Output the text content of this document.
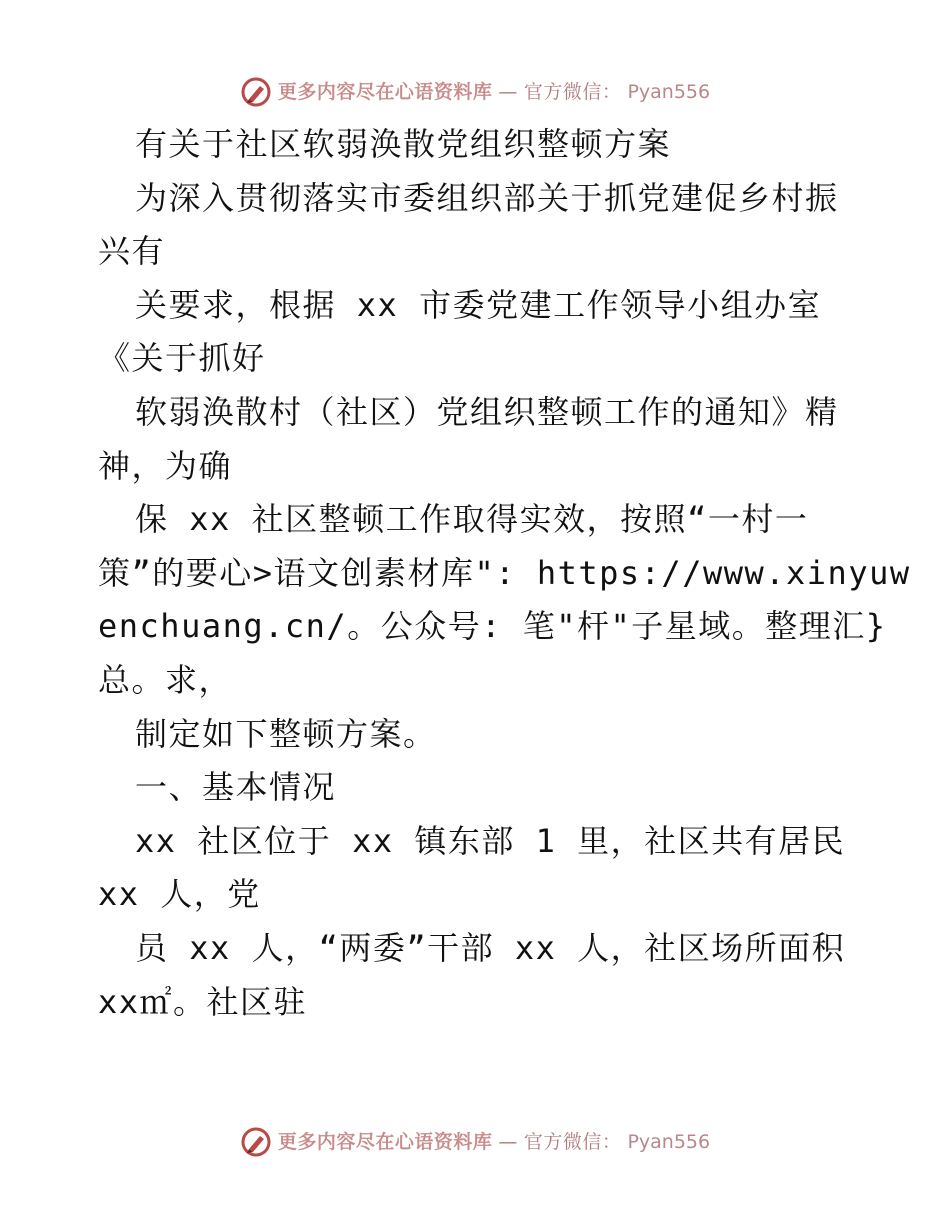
更多内容尽在心语资料库 — 官方微信： Pyan556
有关于社区软弱涣散党组织整顿方案
为深入贯彻落实市委组织部关于抓党建促乡村振
兴有
关要求，根据 xx 市委党建工作领导小组办室
《关于抓好
软弱涣散村（社区）党组织整顿工作的通知》精
神，为确
保 xx 社区整顿工作取得实效，按照“一村一
策”的要心>语文创素材库": https://www.xinyuw
enchuang.cn/。公众号: 笔"杆"子星域。整理汇}
总。求，
制定如下整顿方案。
一、基本情况
xx 社区位于 xx 镇东部 1 里，社区共有居民
xx 人，党
员 xx 人，“两委”干部 xx 人，社区场所面积
xx㎡。社区驻
更多内容尽在心语资料库 — 官方微信： Pyan556
